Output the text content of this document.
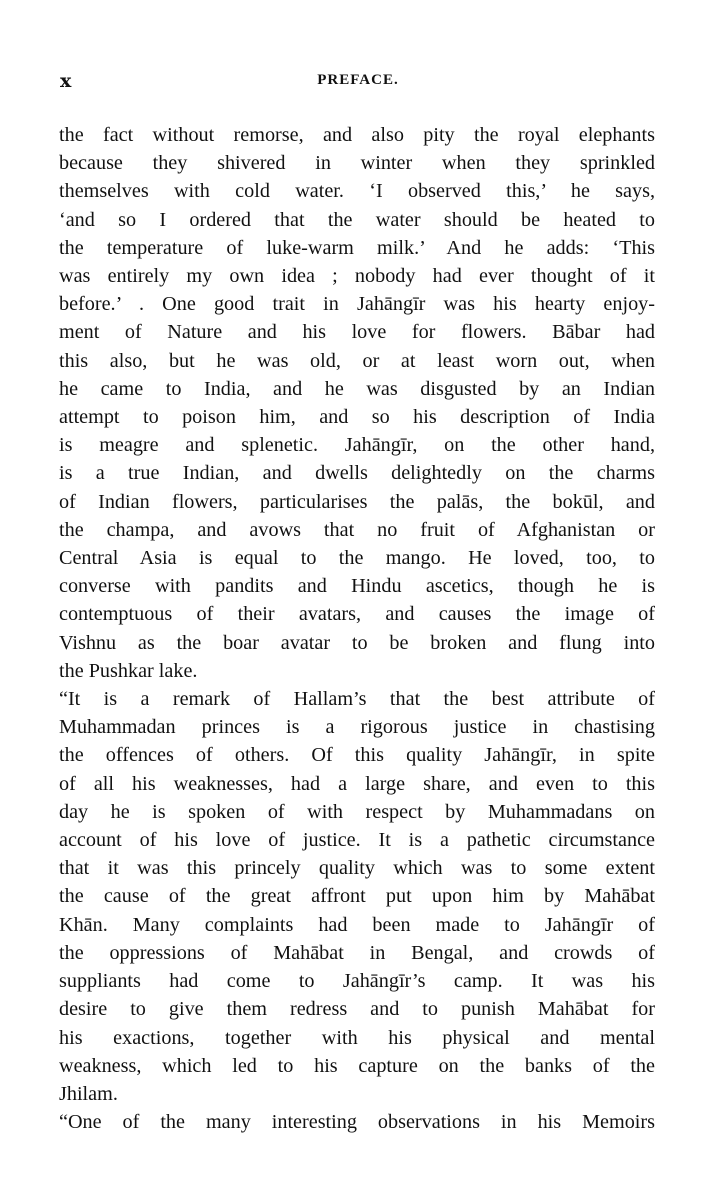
x	PREFACE.
the fact without remorse, and also pity the royal elephants
because they shivered in winter when they sprinkled
themselves with cold water. ‘I observed this,’ he says,
‘and so I ordered that the water should be heated to
the temperature of luke-warm milk.’ And he adds: ‘This
was entirely my own idea ; nobody had ever thought of it
before.’ . One good trait in Jahāngīr was his hearty enjoy-
ment of Nature and his love for flowers. Bābar had
this also, but he was old, or at least worn out, when
he came to India, and he was disgusted by an Indian
attempt to poison him, and so his description of India
is meagre and splenetic. Jahāngīr, on the other hand,
is a true Indian, and dwells delightedly on the charms
of Indian flowers, particularises the palās, the bokūl, and
the champa, and avows that no fruit of Afghanistan or
Central Asia is equal to the mango. He loved, too, to
converse with pandits and Hindu ascetics, though he is
contemptuous of their avatars, and causes the image of
Vishnu as the boar avatar to be broken and flung into
the Pushkar lake.
“It is a remark of Hallam’s that the best attribute of
Muhammadan princes is a rigorous justice in chastising
the offences of others. Of this quality Jahāngīr, in spite
of all his weaknesses, had a large share, and even to this
day he is spoken of with respect by Muhammadans on
account of his love of justice. It is a pathetic circumstance
that it was this princely quality which was to some extent
the cause of the great affront put upon him by Mahābat
Khān. Many complaints had been made to Jahāngīr of
the oppressions of Mahābat in Bengal, and crowds of
suppliants had come to Jahāngīr’s camp. It was his
desire to give them redress and to punish Mahābat for
his exactions, together with his physical and mental
weakness, which led to his capture on the banks of the
Jhilam.
“One of the many interesting observations in his Memoirs
